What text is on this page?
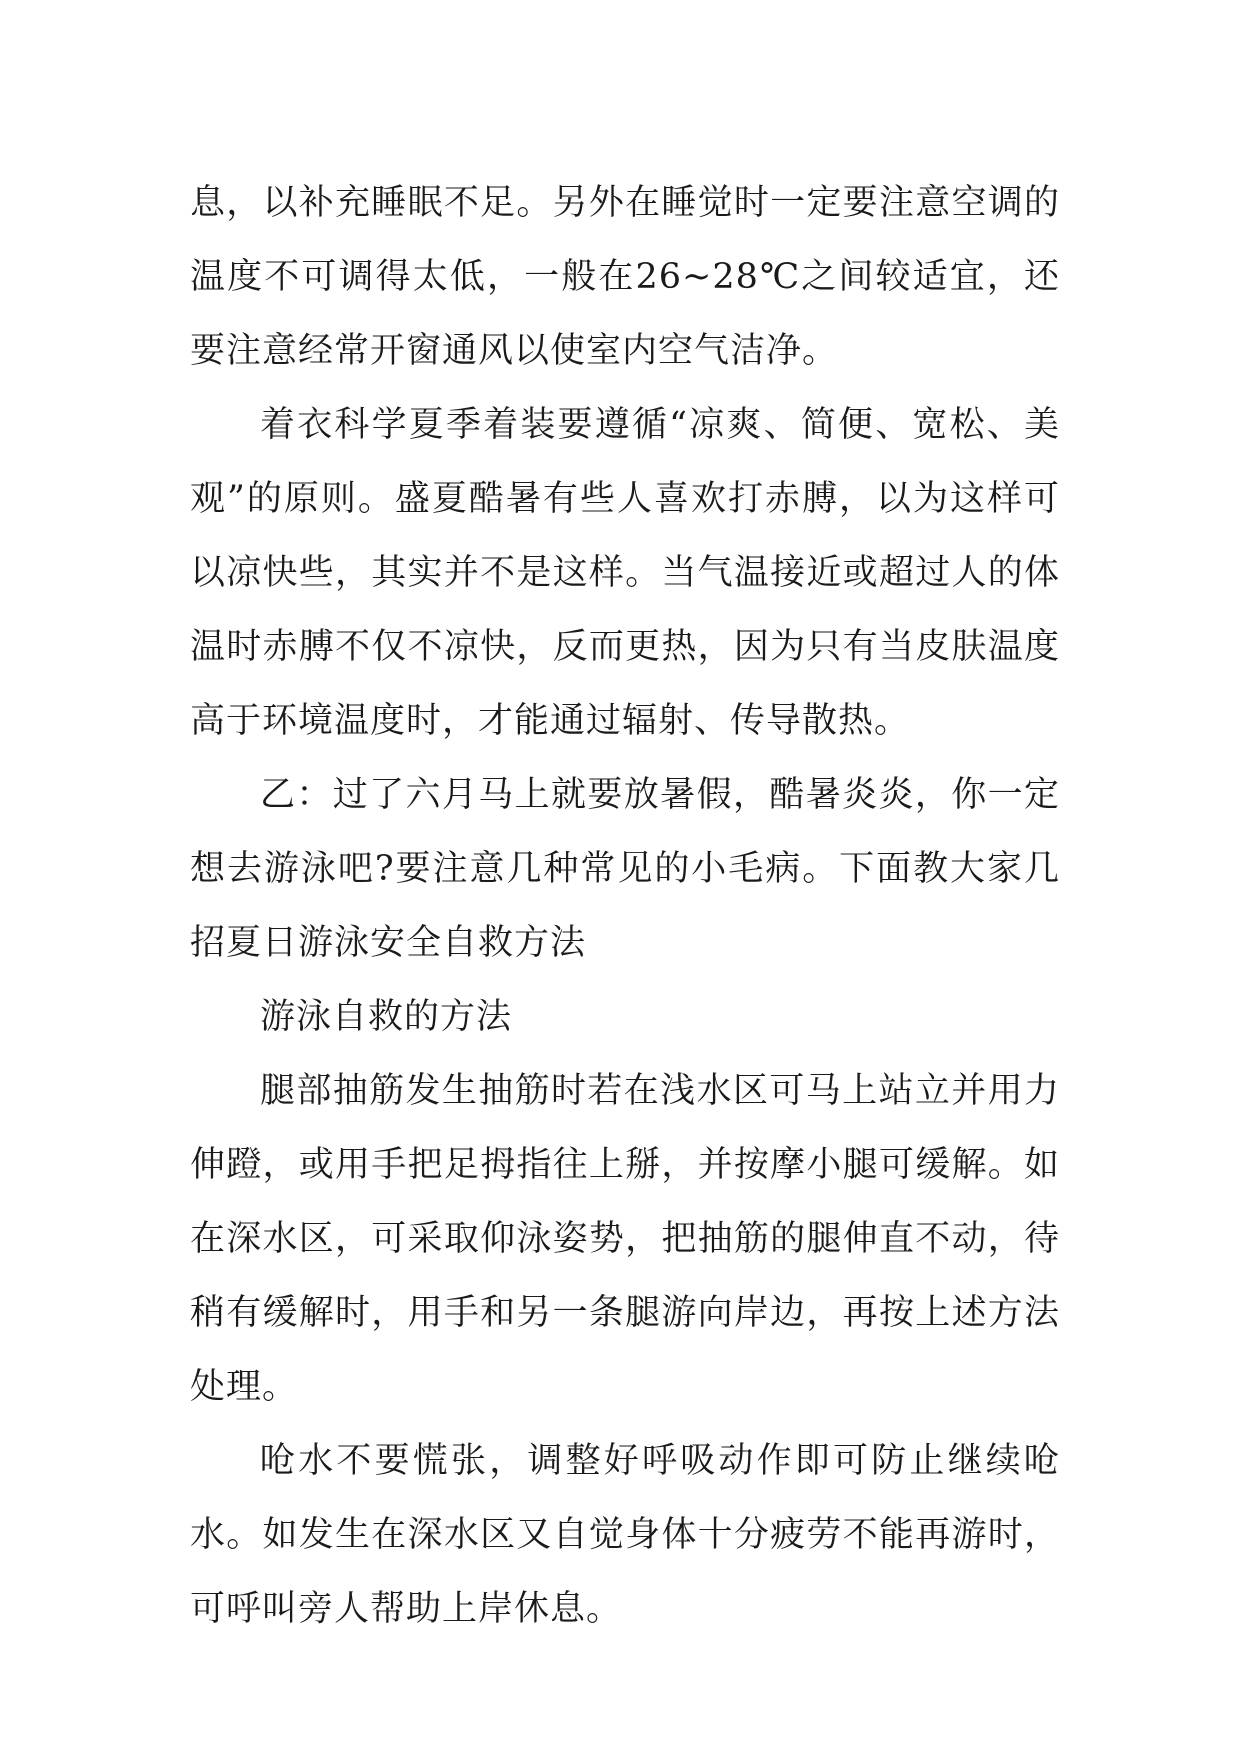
息，以补充睡眠不足。另外在睡觉时一定要注意空调的温度不可调得太低，一般在26~28℃之间较适宜，还要注意经常开窗通风以使室内空气洁净。

着衣科学夏季着装要遵循“凉爽、简便、宽松、美观”的原则。盛夏酷暑有些人喜欢打赤膊，以为这样可以凉快些，其实并不是这样。当气温接近或超过人的体温时赤膊不仅不凉快，反而更热，因为只有当皮肤温度高于环境温度时，才能通过辐射、传导散热。

乙：过了六月马上就要放暑假，酷暑炎炎，你一定想去游泳吧?要注意几种常见的小毛病。下面教大家几招夏日游泳安全自救方法

游泳自救的方法

腿部抽筋发生抽筋时若在浅水区可马上站立并用力伸蹬，或用手把足拇指往上掰，并按摩小腿可缓解。如在深水区，可采取仰泳姿势，把抽筋的腿伸直不动，待稍有缓解时，用手和另一条腿游向岸边，再按上述方法处理。

呛水不要慌张，调整好呼吸动作即可防止继续呛水。如发生在深水区又自觉身体十分疲劳不能再游时，可呼叫旁人帮助上岸休息。
